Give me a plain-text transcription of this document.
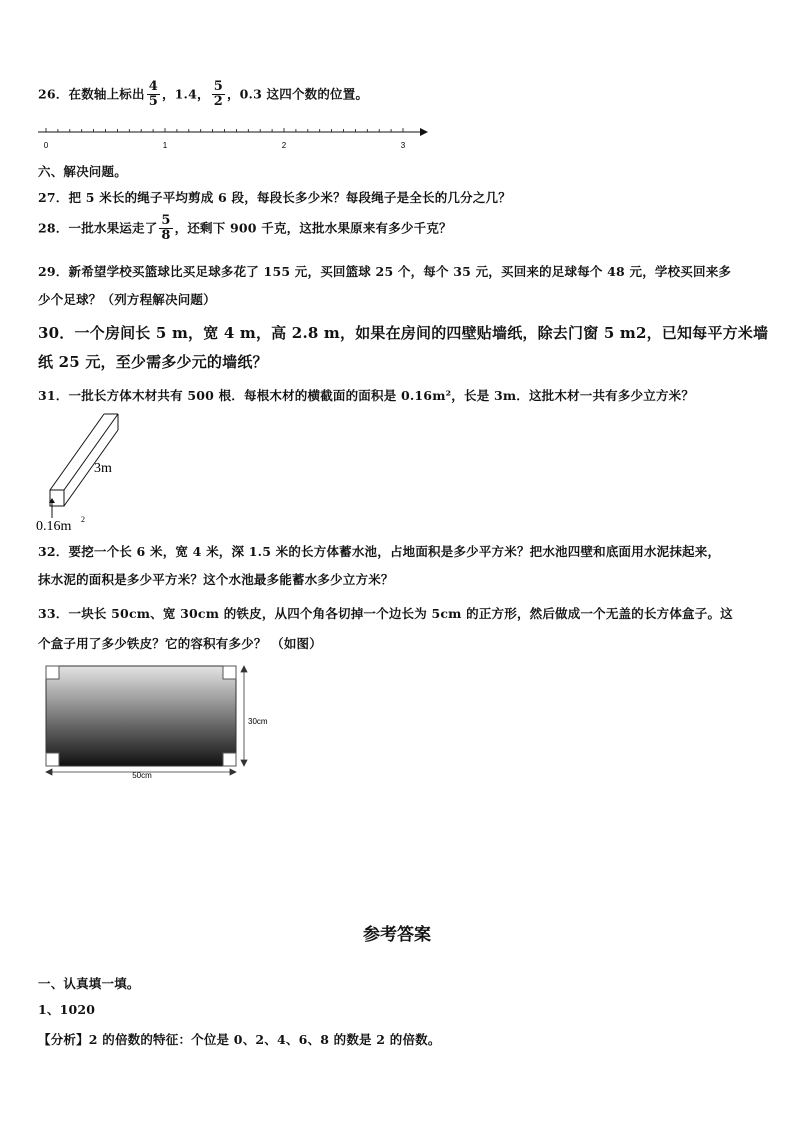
26．在数轴上标出 $\frac{4}{5}$ ，1.4， $\frac{5}{2}$ ，0.3 这四个数的位置。
0	1	2	3
六、解决问题。
27．把 5 米长的绳子平均剪成 6 段，每段长多少米？每段绳子是全长的几分之几？
28．一批水果运走了 $\frac{5}{8}$ ，还剩下 900 千克，这批水果原来有多少千克？
29．新希望学校买篮球比买足球多花了 155 元，买回篮球 25 个，每个 35 元，买回来的足球每个 48 元，学校买回来多
少个足球？（列方程解决问题）
30．一个房间长 5 m，宽 4 m，高 2.8 m，如果在房间的四壁贴墙纸，除去门窗 5 m2，已知每平方米墙
纸 25 元，至少需多少元的墙纸？
31．一批长方体木材共有 500 根．每根木材的横截面的面积是 0.16m²，长是 3m．这批木材一共有多少立方米？
3m
0.16m 2
32．要挖一个长 6 米，宽 4 米，深 1.5 米的长方体蓄水池，占地面积是多少平方米？把水池四壁和底面用水泥抹起来，
抹水泥的面积是多少平方米？这个水池最多能蓄水多少立方米？
33．一块长 50cm、宽 30cm 的铁皮，从四个角各切掉一个边长为 5cm 的正方形，然后做成一个无盖的长方体盒子。这
个盒子用了多少铁皮？它的容积有多少？ （如图）
30cm
50cm
参考答案
一、认真填一填。
1、1020
【分析】2 的倍数的特征：个位是 0、2、4、6、8 的数是 2 的倍数。
